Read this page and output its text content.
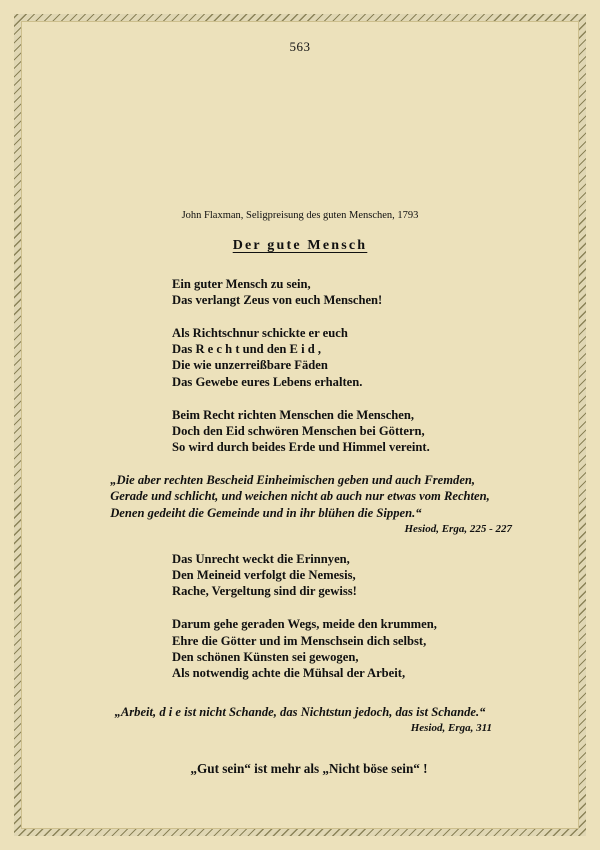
563
John Flaxman, Seligpreisung des guten Menschen, 1793
Der gute Mensch
Ein guter Mensch zu sein,
Das verlangt Zeus von euch Menschen!
Als Richtschnur schickte er euch
Das R e c h t und den E i d ,
Die wie unzerreißbare Fäden
Das Gewebe eures Lebens erhalten.
Beim Recht richten Menschen die Menschen,
Doch den Eid schwören Menschen bei Göttern,
So wird durch beides Erde und Himmel vereint.
„Die aber rechten Bescheid Einheimischen geben und auch Fremden,
Gerade und schlicht, und weichen nicht ab auch nur etwas vom Rechten,
Denen gedeiht die Gemeinde und in ihr blühen die Sippen.“
Hesiod, Erga, 225 - 227
Das Unrecht weckt die Erinnyen,
Den Meineid verfolgt die Nemesis,
Rache, Vergeltung sind dir gewiss!
Darum gehe geraden Wegs, meide den krummen,
Ehre die Götter und im Menschsein dich selbst,
Den schönen Künsten sei gewogen,
Als notwendig achte die Mühsal der Arbeit,
„Arbeit, d i e ist nicht Schande, das Nichtstun jedoch, das ist Schande.“
Hesiod, Erga, 311
„Gut sein“ ist mehr als „Nicht böse sein“ !
